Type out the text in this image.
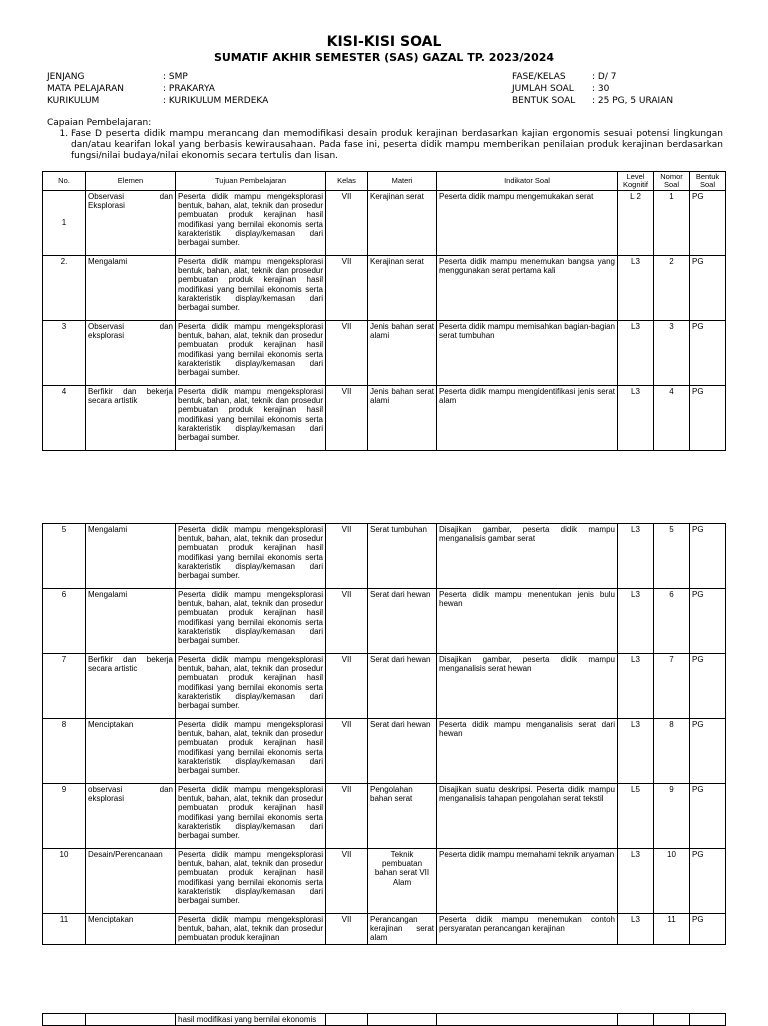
KISI-KISI SOAL
SUMATIF AKHIR SEMESTER (SAS) GAZAL TP. 2023/2024
JENJANG	: SMP
MATA PELAJARAN	: PRAKARYA
KURIKULUM	: KURIKULUM MERDEKA
FASE/KELAS	: D/ 7
JUMLAH SOAL	: 30
BENTUK SOAL	: 25 PG, 5 URAIAN
Capaian Pembelajaran:
1. Fase D peserta didik mampu merancang dan memodifikasi desain produk kerajinan berdasarkan kajian ergonomis sesuai potensi lingkungan dan/atau kearifan lokal yang berbasis kewirausahaan. Pada fase ini, peserta didik mampu memberikan penilaian produk kerajinan berdasarkan fungsi/nilai budaya/nilai ekonomis secara tertulis dan lisan.
No.	Elemen	Tujuan Pembelajaran	Kelas	Materi	Indikator Soal	Level Kognitif	Nomor Soal	Bentuk Soal
1	Observasi dan Eksplorasi	Peserta didik mampu mengeksplorasi bentuk, bahan, alat, teknik dan prosedur pembuatan produk kerajinan hasil modifikasi yang bernilai ekonomis serta karakteristik display/kemasan dari berbagai sumber.	VII	Kerajinan serat	Peserta didik mampu mengemukakan serat	L 2	1	PG
2.	Mengalami	Peserta didik mampu mengeksplorasi bentuk, bahan, alat, teknik dan prosedur pembuatan produk kerajinan hasil modifikasi yang bernilai ekonomis serta karakteristik display/kemasan dari berbagai sumber.	VII	Kerajinan serat	Peserta didik mampu menemukan bangsa yang menggunakan serat pertama kali	L3	2	PG
3	Observasi dan eksplorasi	Peserta didik mampu mengeksplorasi bentuk, bahan, alat, teknik dan prosedur pembuatan produk kerajinan hasil modifikasi yang bernilai ekonomis serta karakteristik display/kemasan dari berbagai sumber.	VII	Jenis bahan serat alami	Peserta didik mampu memisahkan bagian-bagian serat tumbuhan	L3	3	PG
4	Berfikir dan bekerja secara artistik	Peserta didik mampu mengeksplorasi bentuk, bahan, alat, teknik dan prosedur pembuatan produk kerajinan hasil modifikasi yang bernilai ekonomis serta karakteristik display/kemasan dari berbagai sumber.	VII	Jenis bahan serat alami	Peserta didik mampu mengidentifikasi jenis serat alam	L3	4	PG
5	Mengalami	Peserta didik mampu mengeksplorasi bentuk, bahan, alat, teknik dan prosedur pembuatan produk kerajinan hasil modifikasi yang bernilai ekonomis serta karakteristik display/kemasan dari berbagai sumber.	VII	Serat tumbuhan	Disajikan gambar, peserta didik mampu menganalisis gambar serat	L3	5	PG
6	Mengalami	Peserta didik mampu mengeksplorasi bentuk, bahan, alat, teknik dan prosedur pembuatan produk kerajinan hasil modifikasi yang bernilai ekonomis serta karakteristik display/kemasan dari berbagai sumber.	VII	Serat dari hewan	Peserta didik mampu menentukan jenis bulu hewan	L3	6	PG
7	Berfikir dan bekerja secara artistic	Peserta didik mampu mengeksplorasi bentuk, bahan, alat, teknik dan prosedur pembuatan produk kerajinan hasil modifikasi yang bernilai ekonomis serta karakteristik display/kemasan dari berbagai sumber.	VII	Serat dari hewan	Disajikan gambar, peserta didik mampu menganalisis serat hewan	L3	7	PG
8	Menciptakan	Peserta didik mampu mengeksplorasi bentuk, bahan, alat, teknik dan prosedur pembuatan produk kerajinan hasil modifikasi yang bernilai ekonomis serta karakteristik display/kemasan dari berbagai sumber.	VII	Serat dari hewan	Peserta didik mampu menganalisis serat dari hewan	L3	8	PG
9	observasi dan eksplorasi	Peserta didik mampu mengeksplorasi bentuk, bahan, alat, teknik dan prosedur pembuatan produk kerajinan hasil modifikasi yang bernilai ekonomis serta karakteristik display/kemasan dari berbagai sumber.	VII	Pengolahan bahan serat	Disajikan suatu deskripsi. Peserta didik mampu menganalisis tahapan pengolahan serat tekstil	L5	9	PG
10	Desain/Perencanaan	Peserta didik mampu mengeksplorasi bentuk, bahan, alat, teknik dan prosedur pembuatan produk kerajinan hasil modifikasi yang bernilai ekonomis serta karakteristik display/kemasan dari berbagai sumber.	VII	Teknik pembuatan bahan serat VII Alam	Peserta didik mampu memahami teknik anyaman	L3	10	PG
11	Menciptakan	Peserta didik mampu mengeksplorasi bentuk, bahan, alat, teknik dan prosedur pembuatan produk kerajinan	VII	Perancangan kerajinan serat alam	Peserta didik mampu menemukan contoh persyaratan perancangan kerajinan	L3	11	PG
		hasil modifikasi yang bernilai ekonomis						
